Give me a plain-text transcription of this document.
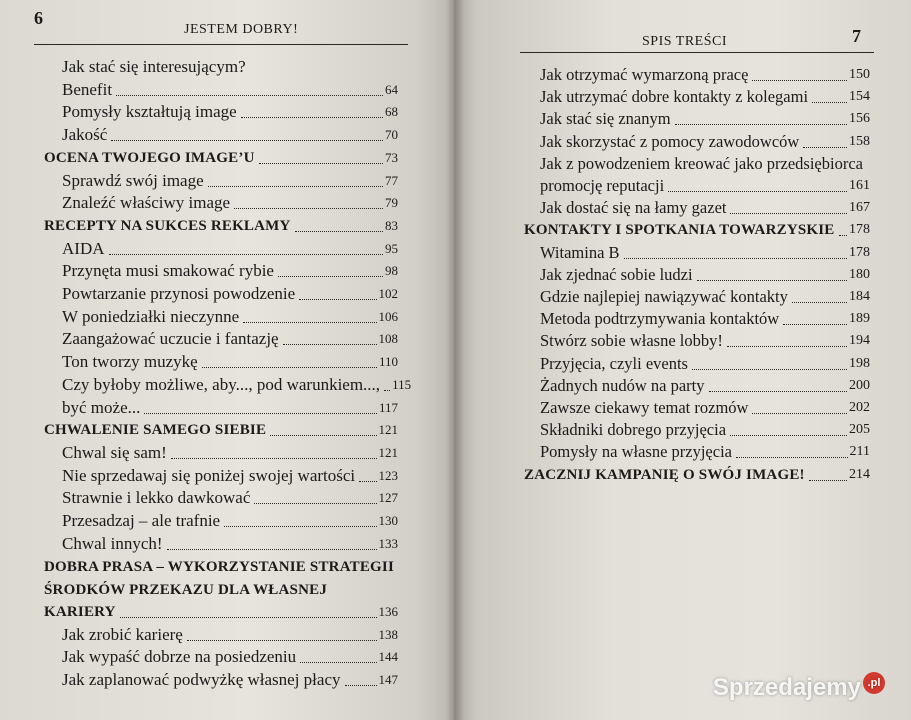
6
JESTEM DOBRY!
Jak stać się interesującym?
Benefit	64
Pomysły kształtują image	68
Jakość	70
OCENA TWOJEGO IMAGE’U	73
Sprawdź swój image	77
Znaleźć właściwy image	79
RECEPTY NA SUKCES REKLAMY	83
AIDA	95
Przynęta musi smakować rybie	98
Powtarzanie przynosi powodzenie	102
W poniedziałki nieczynne	106
Zaangażować uczucie i fantazję	108
Ton tworzy muzykę	110
Czy byłoby możliwe, aby..., pod warunkiem..., 115
być może...	117
CHWALENIE SAMEGO SIEBIE	121
Chwal się sam!	121
Nie sprzedawaj się poniżej swojej wartości 123
Strawnie i lekko dawkować	127
Przesadzaj – ale trafnie	130
Chwal innych!	133
DOBRA PRASA – WYKORZYSTANIE STRATEGII
ŚRODKÓW PRZEKAZU DLA WŁASNEJ
KARIERY	136
Jak zrobić karierę	138
Jak wypaść dobrze na posiedzeniu	144
Jak zaplanować podwyżkę własnej płacy	147
SPIS TREŚCI	7
Jak otrzymać wymarzoną pracę	150
Jak utrzymać dobre kontakty z kolegami	154
Jak stać się znanym	156
Jak skorzystać z pomocy zawodowców	158
Jak z powodzeniem kreować jako przedsiębiorca
promocję reputacji	161
Jak dostać się na łamy gazet	167
KONTAKTY I SPOTKANIA TOWARZYSKIE 178
Witamina B	178
Jak zjednać sobie ludzi	180
Gdzie najlepiej nawiązywać kontakty	184
Metoda podtrzymywania kontaktów	189
Stwórz sobie własne lobby!	194
Przyjęcia, czyli events	198
Żadnych nudów na party	200
Zawsze ciekawy temat rozmów	202
Składniki dobrego przyjęcia	205
Pomysły na własne przyjęcia	211
ZACZNIJ KAMPANIĘ O SWÓJ IMAGE!	214
Sprzedajemy .pl
